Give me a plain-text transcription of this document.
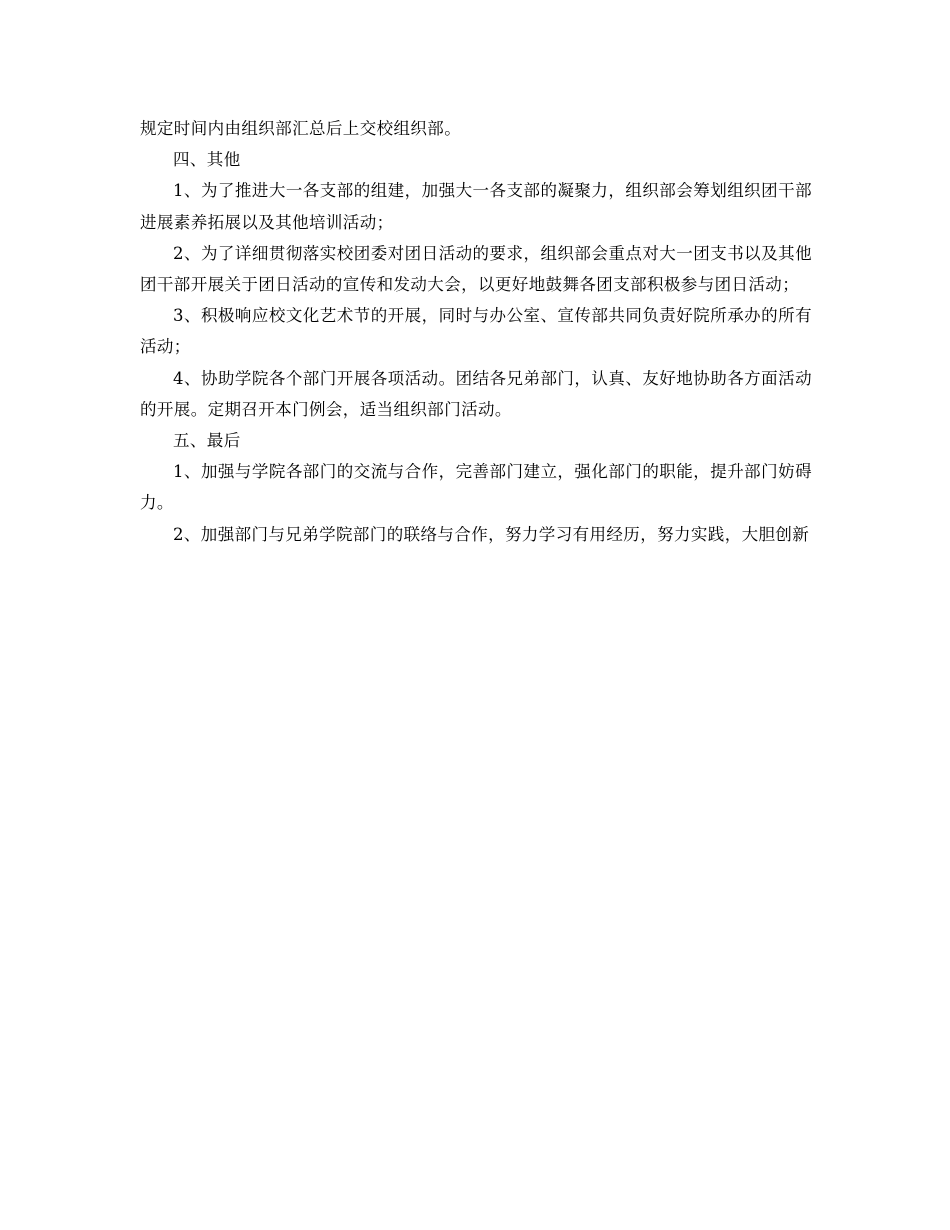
规定时间内由组织部汇总后上交校组织部。

四、其他

1、为了推进大一各支部的组建，加强大一各支部的凝聚力，组织部会筹划组织团干部进展素养拓展以及其他培训活动；

2、为了详细贯彻落实校团委对团日活动的要求，组织部会重点对大一团支书以及其他团干部开展关于团日活动的宣传和发动大会，以更好地鼓舞各团支部积极参与团日活动；

3、积极响应校文化艺术节的开展，同时与办公室、宣传部共同负责好院所承办的所有活动；

4、协助学院各个部门开展各项活动。团结各兄弟部门，认真、友好地协助各方面活动的开展。定期召开本门例会，适当组织部门活动。

五、最后

1、加强与学院各部门的交流与合作，完善部门建立，强化部门的职能，提升部门妨碍力。

2、加强部门与兄弟学院部门的联络与合作，努力学习有用经历，努力实践，大胆创新
